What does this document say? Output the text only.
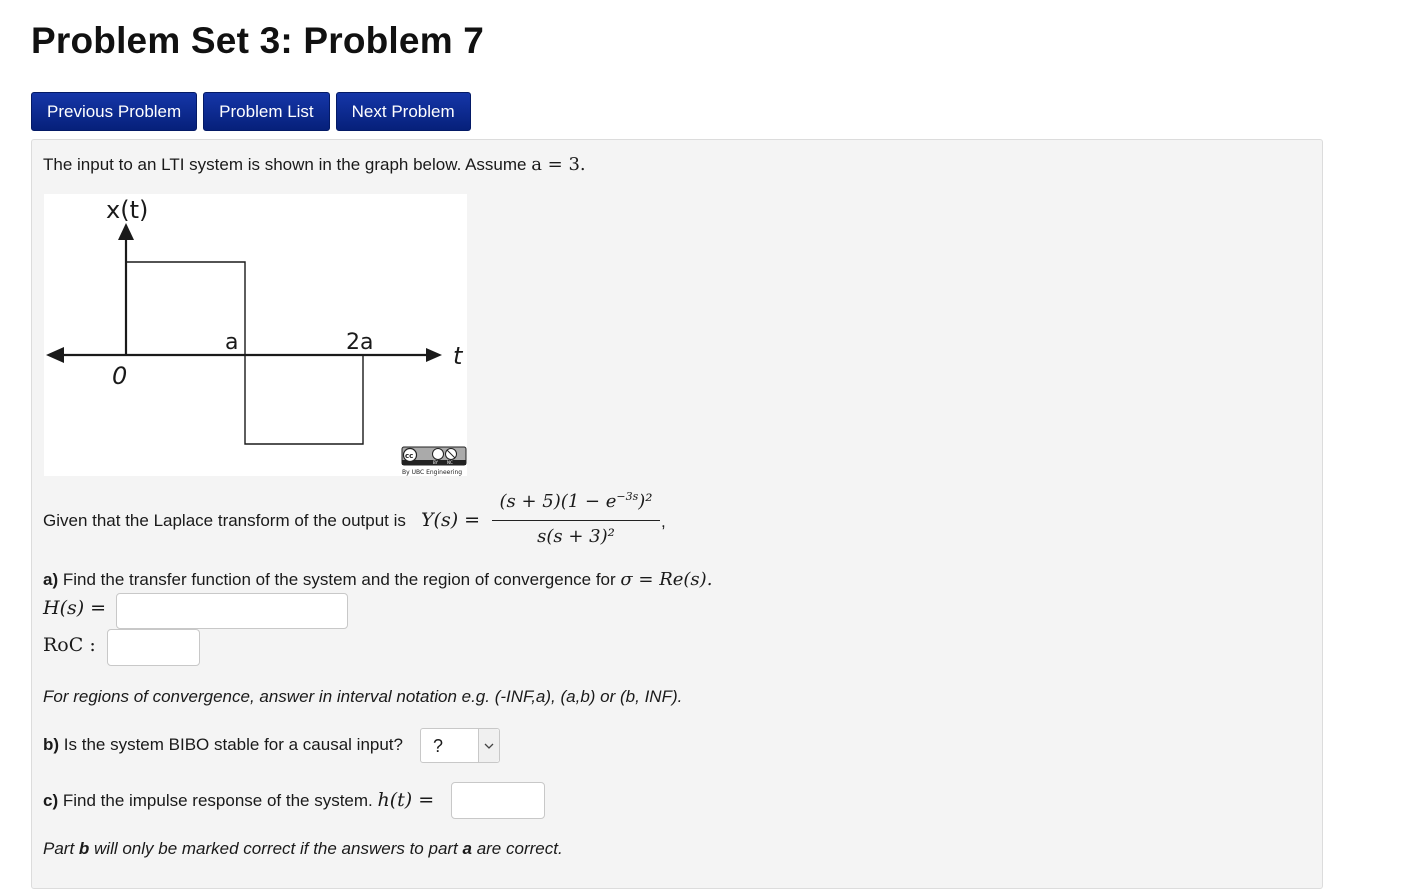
Problem Set 3: Problem 7
Previous Problem	Problem List	Next Problem
The input to an LTI system is shown in the graph below. Assume a = 3.
x(t)
t
0
a	2a
cc
BY NC
By UBC Engineering
Given that the Laplace transform of the output is Y(s) =
$(s + 5)(1 - e^{-3s})^2$
s(s + 3)²
,
a) Find the transfer function of the system and the region of convergence for σ = Re(s).
H(s) =
RoC :
For regions of convergence, answer in interval notation e.g. (-INF,a), (a,b) or (b, INF).
b) Is the system BIBO stable for a causal input? ?
c) Find the impulse response of the system. h(t) =
Part b will only be marked correct if the answers to part a are correct.
